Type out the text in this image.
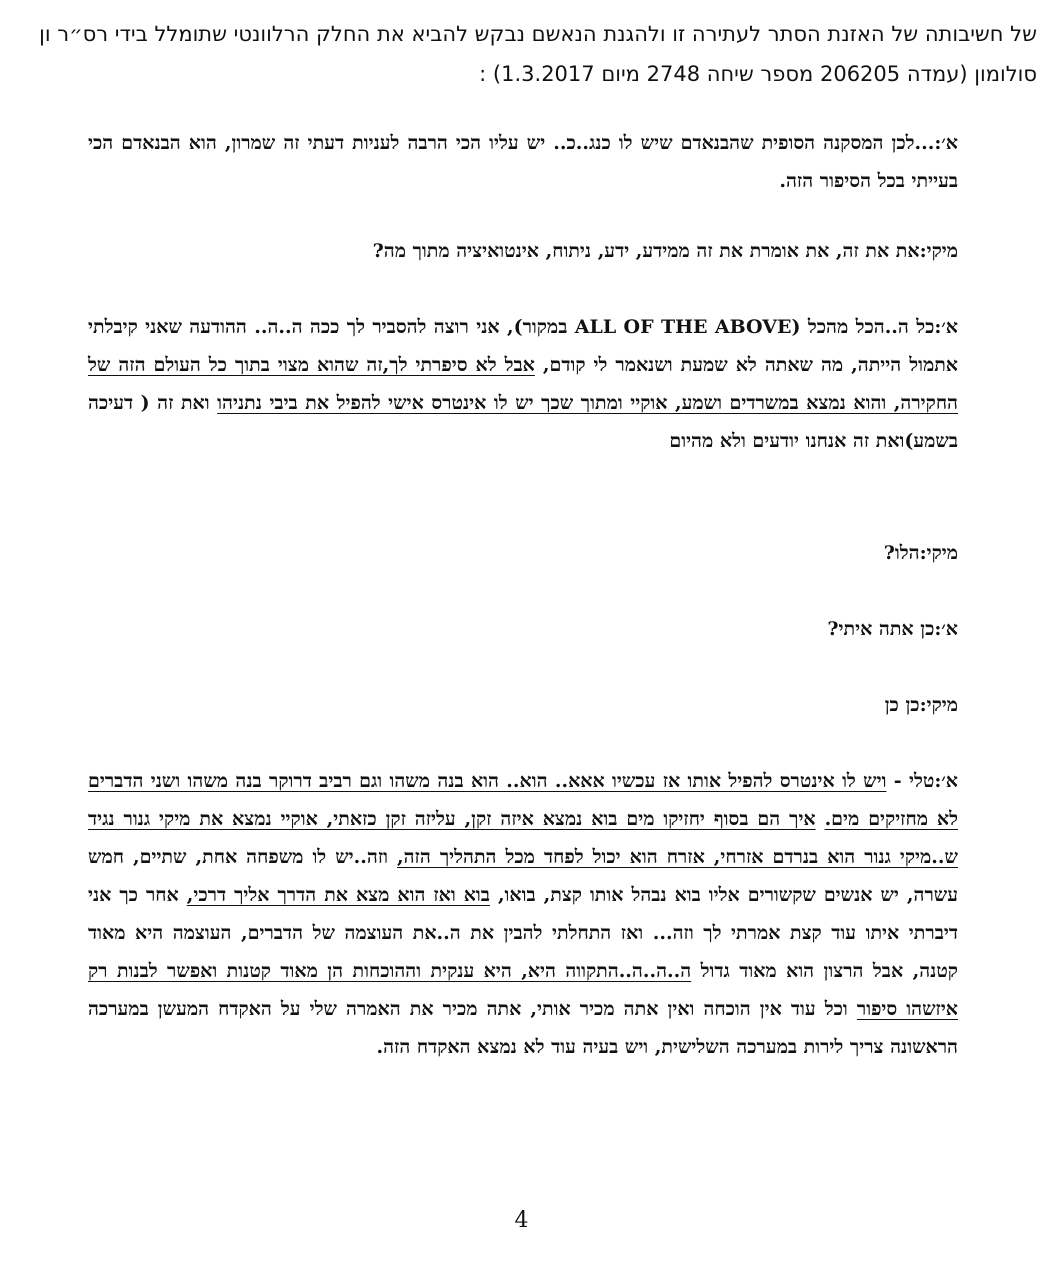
של חשיבותה של האזנת הסתר לעתירה זו ולהגנת הנאשם נבקש להביא את החלק הרלוונטי שתומלל בידי רס״ר ון סולומון (עמדה 206205 מספר שיחה 2748 מיום 1.3.2017) :

א׳:...לכן המסקנה הסופית שהבנאדם שיש לו כנג..כ.. יש עליו הכי הרבה לעניות דעתי זה שמרון, הוא הבנאדם הכי בעייתי בכל הסיפור הזה.

מיקי:את את זה, את אומרת את זה ממידע, ידע, ניתוח, אינטואיציה מתוך מה?

א׳:כל ה..הכל מהכל (ALL OF THE ABOVE במקור), אני רוצה להסביר לך ככה ה..ה.. ההודעה שאני קיבלתי אתמול הייתה, מה שאתה לא שמעת ושנאמר לי קודם, אבל לא סיפרתי לך,זה שהוא מצוי בתוך כל העולם הזה של החקירה, והוא נמצא במשרדים ושמע, אוקיי ומתוך שכך יש לו אינטרס אישי להפיל את ביבי נתניהו ואת זה ( דעיכה בשמע)ואת זה אנחנו יודעים ולא מהיום

מיקי:הלו?

א׳:כן אתה איתי?

מיקי:כן כן

א׳:טלי - ויש לו אינטרס להפיל אותו אז עכשיו אאא.. הוא.. הוא בנה משהו וגם רביב דרוקר בנה משהו ושני הדברים לא מחזיקים מים. איך הם בסוף יחזיקו מים בוא נמצא איזה זקן, עליזה זקן כזאתי, אוקיי נמצא את מיקי גנור נגיד ש..מיקי גנור הוא בנרדם אזרחי, אזרח הוא יכול לפחד מכל התהליך הזה, וזה..יש לו משפחה אחת, שתיים, חמש עשרה, יש אנשים שקשורים אליו בוא נבהל אותו קצת, בואו, בוא ואז הוא מצא את הדרך אליך דרכי, אחר כך אני דיברתי איתו עוד קצת אמרתי לך וזה... ואז התחלתי להבין את ה..את העוצמה של הדברים, העוצמה היא מאוד קטנה, אבל הרצון הוא מאוד גדול ה..ה..ה..התקווה היא, היא ענקית וההוכחות הן מאוד קטנות ואפשר לבנות רק איזשהו סיפור וכל עוד אין הוכחה ואין אתה מכיר אותי, אתה מכיר את האמרה שלי על האקדח המעשן במערכה הראשונה צריך לירות במערכה השלישית, ויש בעיה עוד לא נמצא האקדח הזה.

4
